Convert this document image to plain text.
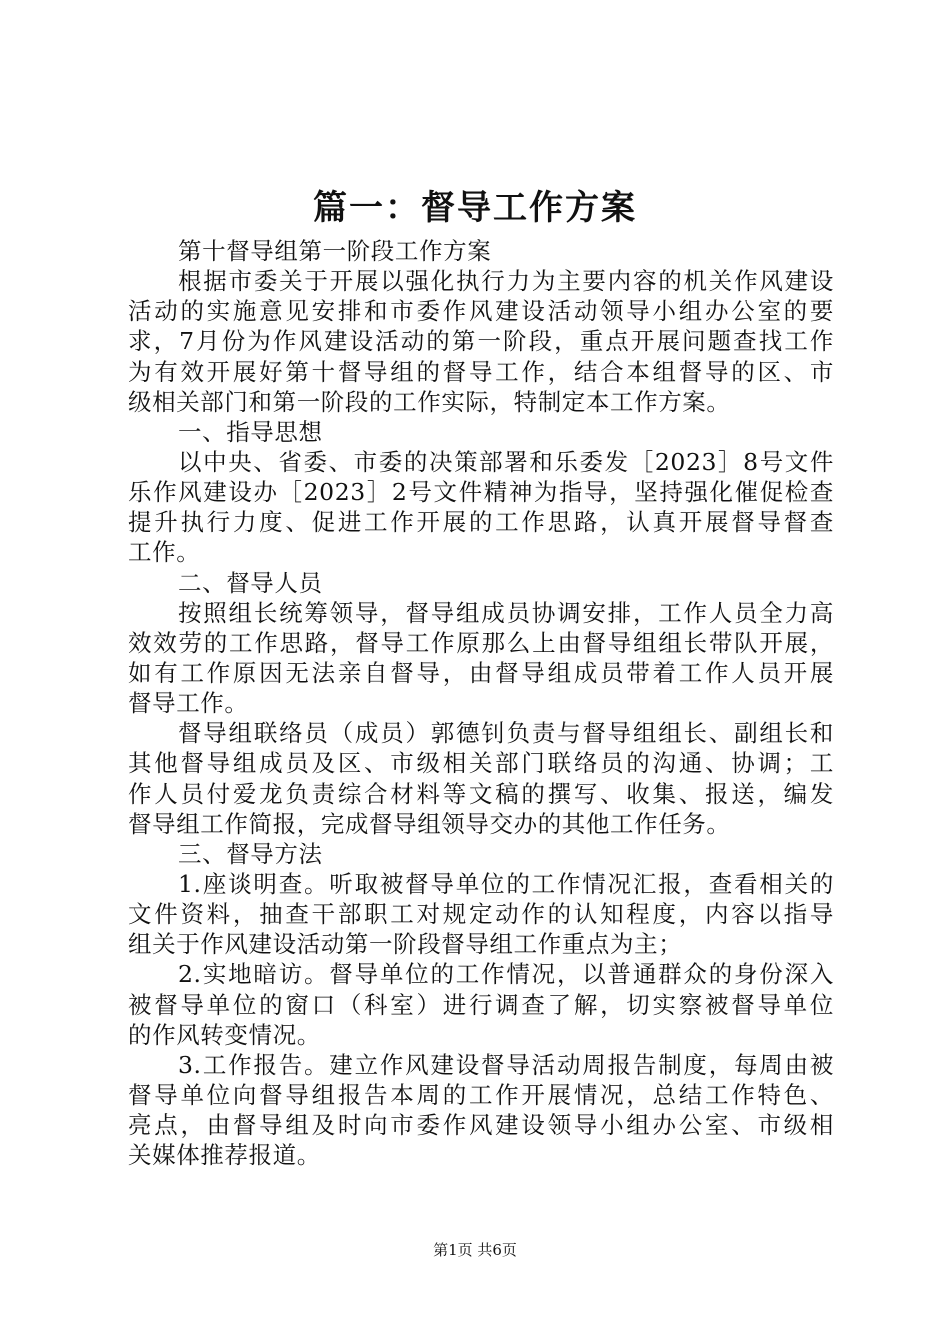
篇一：督导工作方案
第十督导组第一阶段工作方案
根据市委关于开展以强化执行力为主要内容的机关作风建设
活动的实施意见安排和市委作风建设活动领导小组办公室的要
求，7月份为作风建设活动的第一阶段，重点开展问题查找工作
为有效开展好第十督导组的督导工作，结合本组督导的区、市
级相关部门和第一阶段的工作实际，特制定本工作方案。
一、指导思想
以中央、省委、市委的决策部署和乐委发［2023］8号文件
乐作风建设办［2023］2号文件精神为指导，坚持强化催促检查
提升执行力度、促进工作开展的工作思路，认真开展督导督查
工作。
二、督导人员
按照组长统筹领导，督导组成员协调安排，工作人员全力高
效效劳的工作思路，督导工作原那么上由督导组组长带队开展，
如有工作原因无法亲自督导，由督导组成员带着工作人员开展
督导工作。
督导组联络员（成员）郭德钊负责与督导组组长、副组长和
其他督导组成员及区、市级相关部门联络员的沟通、协调；工
作人员付爱龙负责综合材料等文稿的撰写、收集、报送，编发
督导组工作简报，完成督导组领导交办的其他工作任务。
三、督导方法
1.座谈明查。听取被督导单位的工作情况汇报，查看相关的
文件资料，抽查干部职工对规定动作的认知程度，内容以指导
组关于作风建设活动第一阶段督导组工作重点为主；
2.实地暗访。督导单位的工作情况，以普通群众的身份深入
被督导单位的窗口（科室）进行调查了解，切实察被督导单位
的作风转变情况。
3.工作报告。建立作风建设督导活动周报告制度，每周由被
督导单位向督导组报告本周的工作开展情况，总结工作特色、
亮点，由督导组及时向市委作风建设领导小组办公室、市级相
关媒体推荐报道。
第1页 共6页
